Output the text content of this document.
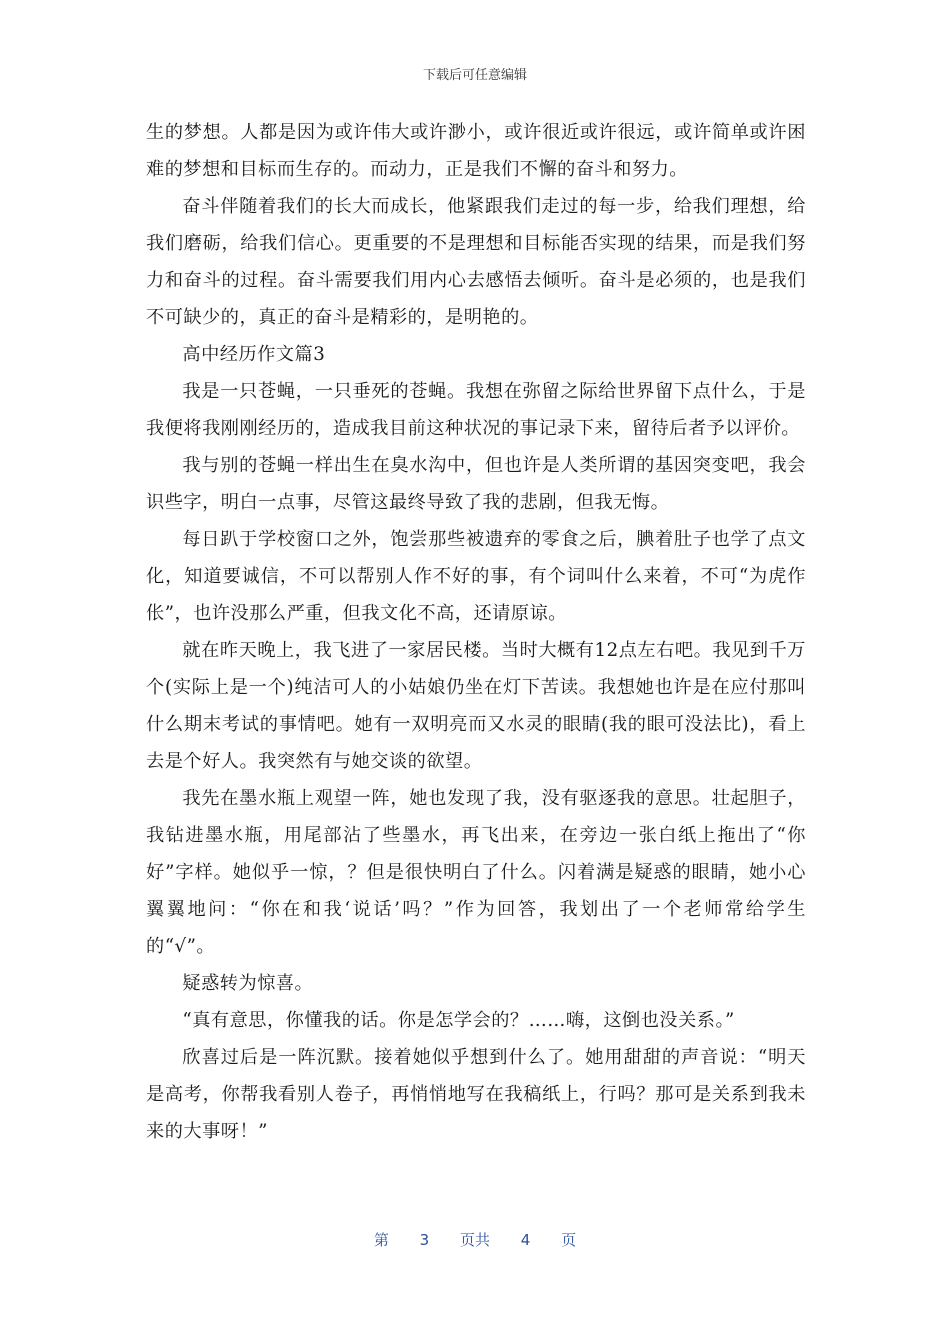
下载后可任意编辑

生的梦想。人都是因为或许伟大或许渺小，或许很近或许很远，或许简单或许困难的梦想和目标而生存的。而动力，正是我们不懈的奋斗和努力。

奋斗伴随着我们的长大而成长，他紧跟我们走过的每一步，给我们理想，给我们磨砺，给我们信心。更重要的不是理想和目标能否实现的结果，而是我们努力和奋斗的过程。奋斗需要我们用内心去感悟去倾听。奋斗是必须的，也是我们不可缺少的，真正的奋斗是精彩的，是明艳的。

高中经历作文篇3

我是一只苍蝇，一只垂死的苍蝇。我想在弥留之际给世界留下点什么，于是我便将我刚刚经历的，造成我目前这种状况的事记录下来，留待后者予以评价。

我与别的苍蝇一样出生在臭水沟中，但也许是人类所谓的基因突变吧，我会识些字，明白一点事，尽管这最终导致了我的悲剧，但我无悔。

每日趴于学校窗口之外，饱尝那些被遗弃的零食之后，腆着肚子也学了点文化，知道要诚信，不可以帮别人作不好的事，有个词叫什么来着，不可“为虎作伥”，也许没那么严重，但我文化不高，还请原谅。

就在昨天晚上，我飞进了一家居民楼。当时大概有12点左右吧。我见到千万个(实际上是一个)纯洁可人的小姑娘仍坐在灯下苦读。我想她也许是在应付那叫什么期末考试的事情吧。她有一双明亮而又水灵的眼睛(我的眼可没法比)，看上去是个好人。我突然有与她交谈的欲望。

我先在墨水瓶上观望一阵，她也发现了我，没有驱逐我的意思。壮起胆子，我钻进墨水瓶，用尾部沾了些墨水，再飞出来，在旁边一张白纸上拖出了“你好”字样。她似乎一惊，？但是很快明白了什么。闪着满是疑惑的眼睛，她小心翼翼地问：“你在和我‘说话’吗？”作为回答，我划出了一个老师常给学生的“√”。

疑惑转为惊喜。

“真有意思，你懂我的话。你是怎学会的？……嗨，这倒也没关系。”

欣喜过后是一阵沉默。接着她似乎想到什么了。她用甜甜的声音说：“明天是高考，你帮我看别人卷子，再悄悄地写在我稿纸上，行吗？那可是关系到我未来的大事呀！”

第 3 页共 4 页
